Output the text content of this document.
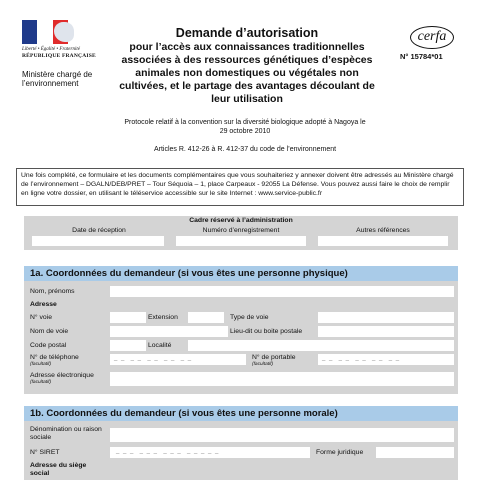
Liberté • Égalité • Fraternité
RÉPUBLIQUE FRANÇAISE
Ministère chargé de l’environnement
Demande d’autorisation
pour l’accès aux connaissances traditionnelles associées à des ressources génétiques d’espèces animales non domestiques ou végétales non cultivées, et le partage des avantages découlant de leur utilisation
cerfa
N° 15784*01
Protocole relatif à la convention sur la diversité biologique adopté à Nagoya le 29 octobre 2010
Articles R. 412-26 à R. 412-37 du code de l’environnement
Une fois complété, ce formulaire et les documents complémentaires que vous souhaiteriez y annexer doivent être adressés au Ministère chargé de l’environnement – DGALN/DEB/PRET – Tour Séquoia – 1, place Carpeaux - 92055 La Défense. Vous pouvez aussi faire le choix de remplir en ligne votre dossier, en utilisant le téléservice accessible sur le site Internet : www.service-public.fr
Cadre réservé à l’administration
Date de réception	Numéro d’enregistrement	Autres références
1a. Coordonnées du demandeur (si vous êtes une personne physique)
Nom, prénoms
Adresse
N° voie	Extension	Type de voie
Nom de voie	Lieu-dit ou boite postale
Code postal	Localité
N° de téléphone
(facultatif)
_ _  _ _  _ _  _ _  _ _	N° de portable
(facultatif)
_ _  _ _  _ _  _ _  _ _
Adresse électronique
(facultatif)
1b. Coordonnées du demandeur (si vous êtes une personne morale)
Dénomination ou raison sociale
N° SIRET	_ _ _  _ _ _  _ _ _  _ _ _ _ _	Forme juridique
Adresse du siège social
